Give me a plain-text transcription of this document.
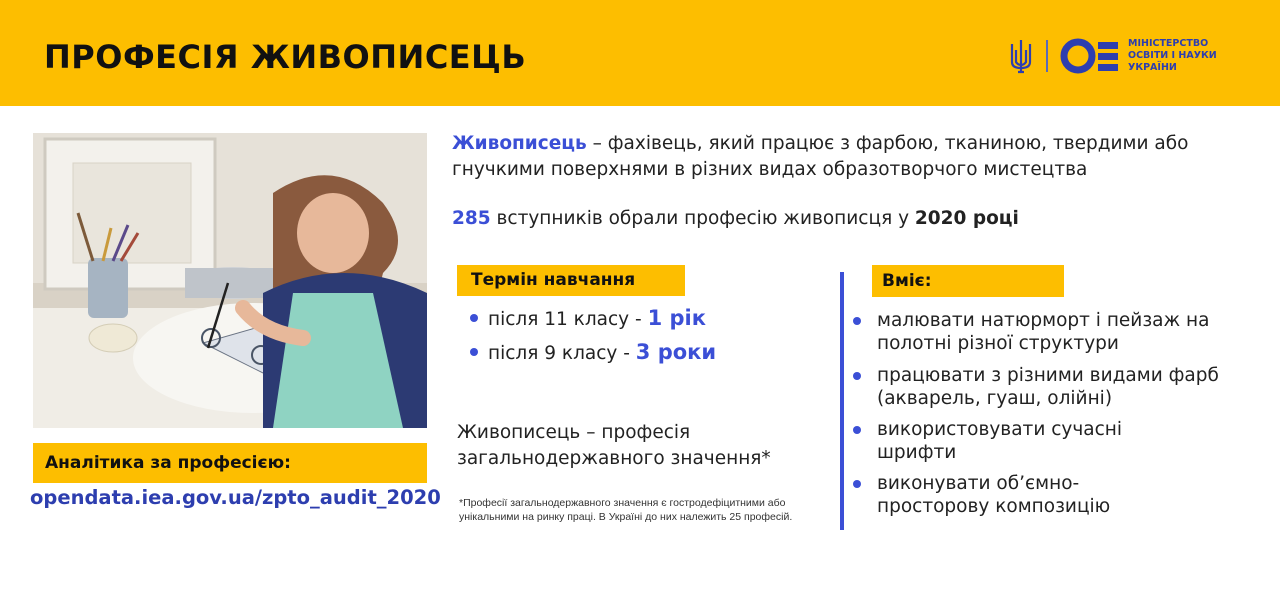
ПРОФЕСІЯ ЖИВОПИСЕЦЬ	МІНІСТЕРСТВО
ОСВІТИ І НАУКИ
УКРАЇНИ
Аналітика за професією:
opendata.iea.gov.ua/zpto_audit_2020
Живописець – фахівець, який працює з фарбою, тканиною, твердими або гнучкими поверхнями в різних видах образотворчого мистецтва
285 вступників обрали професію живописця у 2020 році
Термін навчання
після 11 класу - 1 рік
після 9 класу - 3 роки
Живописець – професія
загальнодержавного значення*
*Професії загальнодержавного значення є гостродефіцитними або унікальними на ринку праці. В Україні до них належить 25 професій.
Вміє:
малювати натюрморт і пейзаж на полотні різної структури
працювати з різними видами фарб (акварель, гуаш, олійні)
використовувати сучасні шрифти
виконувати об’ємно-просторову композицію
